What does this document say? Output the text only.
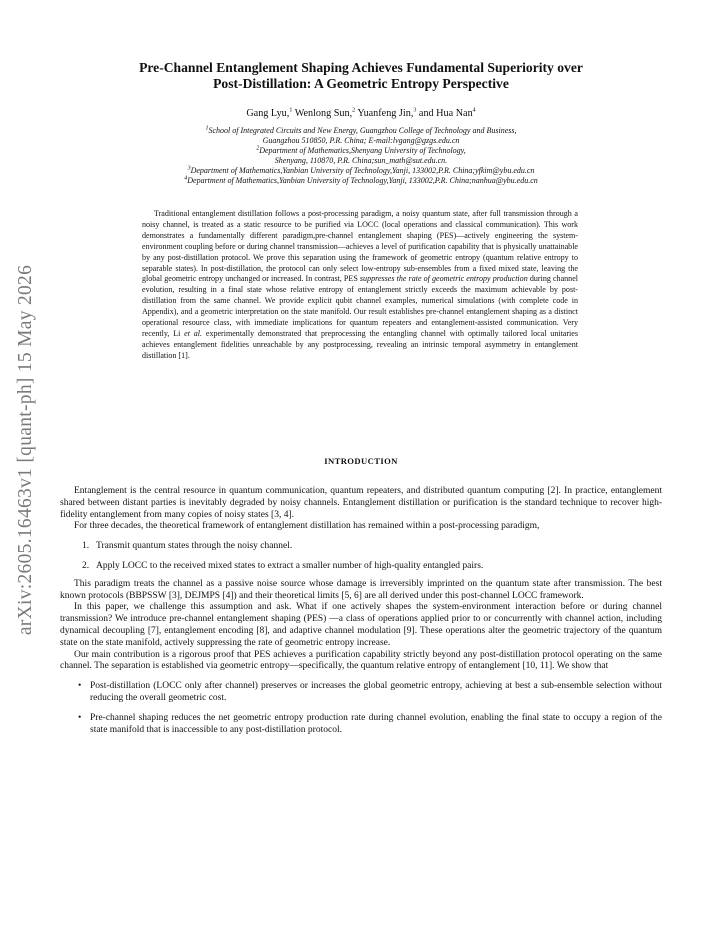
arXiv:2605.16463v1 [quant-ph] 15 May 2026
Pre-Channel Entanglement Shaping Achieves Fundamental Superiority over
Post-Distillation: A Geometric Entropy Perspective
Gang Lyu,$^1$ Wenlong Sun,$^2$ Yuanfeng Jin,$^3$ and Hua Nan$^4$
$^1$School of Integrated Circuits and New Energy, Guangzhou College of Technology and Business,
Guangzhou 510850, P.R. China; E-mail:lvgang@gzgs.edu.cn
$^2$Department of Mathematics,Shenyang University of Technology,
Shenyang, 110870, P.R. China;sun_math@sut.edu.cn.
$^3$Department of Mathematics,Yanbian University of Technology,Yanji, 133002,P.R. China;yfkim@ybu.edu.cn
$^4$Department of Mathematics,Yanbian University of Technology,Yanji, 133002,P.R. China;nanhua@ybu.edu.cn
Traditional entanglement distillation follows a post-processing paradigm, a noisy quantum state, after full transmission through a noisy channel, is treated as a static resource to be purified via LOCC (local operations and classical communication). This work demonstrates a fundamentally different paradigm,pre-channel entanglement shaping (PES)—actively engineering the system-environment coupling before or during channel transmission—achieves a level of purification capability that is physically unattainable by any post-distillation protocol. We prove this separation using the framework of geometric entropy (quantum relative entropy to separable states). In post-distillation, the protocol can only select low-entropy sub-ensembles from a fixed mixed state, leaving the global geometric entropy unchanged or increased. In contrast, PES suppresses the rate of geometric entropy production during channel evolution, resulting in a final state whose relative entropy of entanglement strictly exceeds the maximum achievable by post-distillation from the same channel. We provide explicit qubit channel examples, numerical simulations (with complete code in Appendix), and a geometric interpretation on the state manifold. Our result establishes pre-channel entanglement shaping as a distinct operational resource class, with immediate implications for quantum repeaters and entanglement-assisted communication. Very recently, Li et al. experimentally demonstrated that preprocessing the entangling channel with optimally tailored local unitaries achieves entanglement fidelities unreachable by any postprocessing, revealing an intrinsic temporal asymmetry in entanglement distillation [1].
INTRODUCTION

Entanglement is the central resource in quantum communication, quantum repeaters, and distributed quantum computing [2]. In practice, entanglement shared between distant parties is inevitably degraded by noisy channels. Entanglement distillation or purification is the standard technique to recover high-fidelity entanglement from many copies of noisy states [3, 4].

For three decades, the theoretical framework of entanglement distillation has remained within a post-processing paradigm,

1. Transmit quantum states through the noisy channel.
2. Apply LOCC to the received mixed states to extract a smaller number of high-quality entangled pairs.

This paradigm treats the channel as a passive noise source whose damage is irreversibly imprinted on the quantum state after transmission. The best known protocols (BBPSSW [3], DEJMPS [4]) and their theoretical limits [5, 6] are all derived under this post-channel LOCC framework.

In this paper, we challenge this assumption and ask. What if one actively shapes the system-environment interaction before or during channel transmission? We introduce pre-channel entanglement shaping (PES) —a class of operations applied prior to or concurrently with channel action, including dynamical decoupling [7], entanglement encoding [8], and adaptive channel modulation [9]. These operations alter the geometric trajectory of the quantum state on the state manifold, actively suppressing the rate of geometric entropy increase.

Our main contribution is a rigorous proof that PES achieves a purification capability strictly beyond any post-distillation protocol operating on the same channel. The separation is established via geometric entropy—specifically, the quantum relative entropy of entanglement [10, 11]. We show that

• Post-distillation (LOCC only after channel) preserves or increases the global geometric entropy, achieving at best a sub-ensemble selection without reducing the overall geometric cost.
• Pre-channel shaping reduces the net geometric entropy production rate during channel evolution, enabling the final state to occupy a region of the state manifold that is inaccessible to any post-distillation protocol.
